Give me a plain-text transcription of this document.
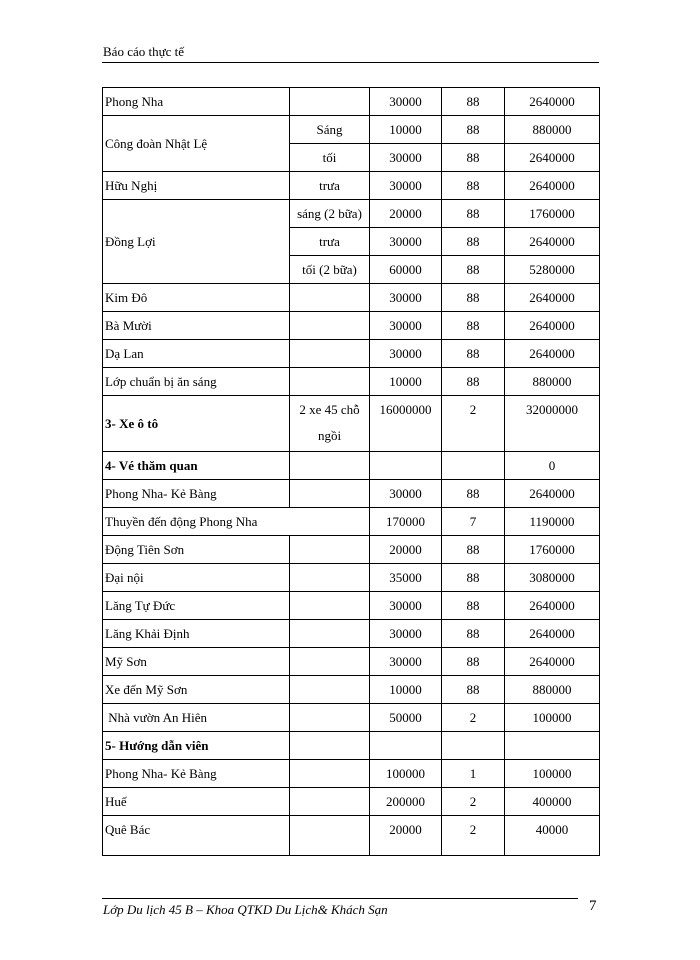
Báo cáo thực tế
Phong Nha		30000	88	2640000
Công đoàn Nhật Lệ	Sáng	10000	88	880000
	tối	30000	88	2640000
Hữu Nghị	trưa	30000	88	2640000
Đồng Lợi	sáng (2 bữa)	20000	88	1760000
	trưa	30000	88	2640000
	tối (2 bữa)	60000	88	5280000
Kim Đô		30000	88	2640000
Bà Mười		30000	88	2640000
Dạ Lan		30000	88	2640000
Lớp chuẩn bị ăn sáng		10000	88	880000
3- Xe ô tô	2 xe 45 chỗ ngồi	16000000	2	32000000
4- Vé thăm quan				0
Phong Nha- Kẻ Bàng		30000	88	2640000
Thuyền đến động Phong Nha		170000	7	1190000
Động Tiên Sơn		20000	88	1760000
Đại nội		35000	88	3080000
Lăng Tự Đức		30000	88	2640000
Lăng Khải Định		30000	88	2640000
Mỹ Sơn		30000	88	2640000
Xe đến Mỹ Sơn		10000	88	880000
Nhà vườn An Hiên		50000	2	100000
5- Hướng dẫn viên				
Phong Nha- Kẻ Bàng		100000	1	100000
Huế		200000	2	400000
Quê Bác		20000	2	40000
Lớp Du lịch 45 B – Khoa QTKD Du Lịch& Khách Sạn	7
